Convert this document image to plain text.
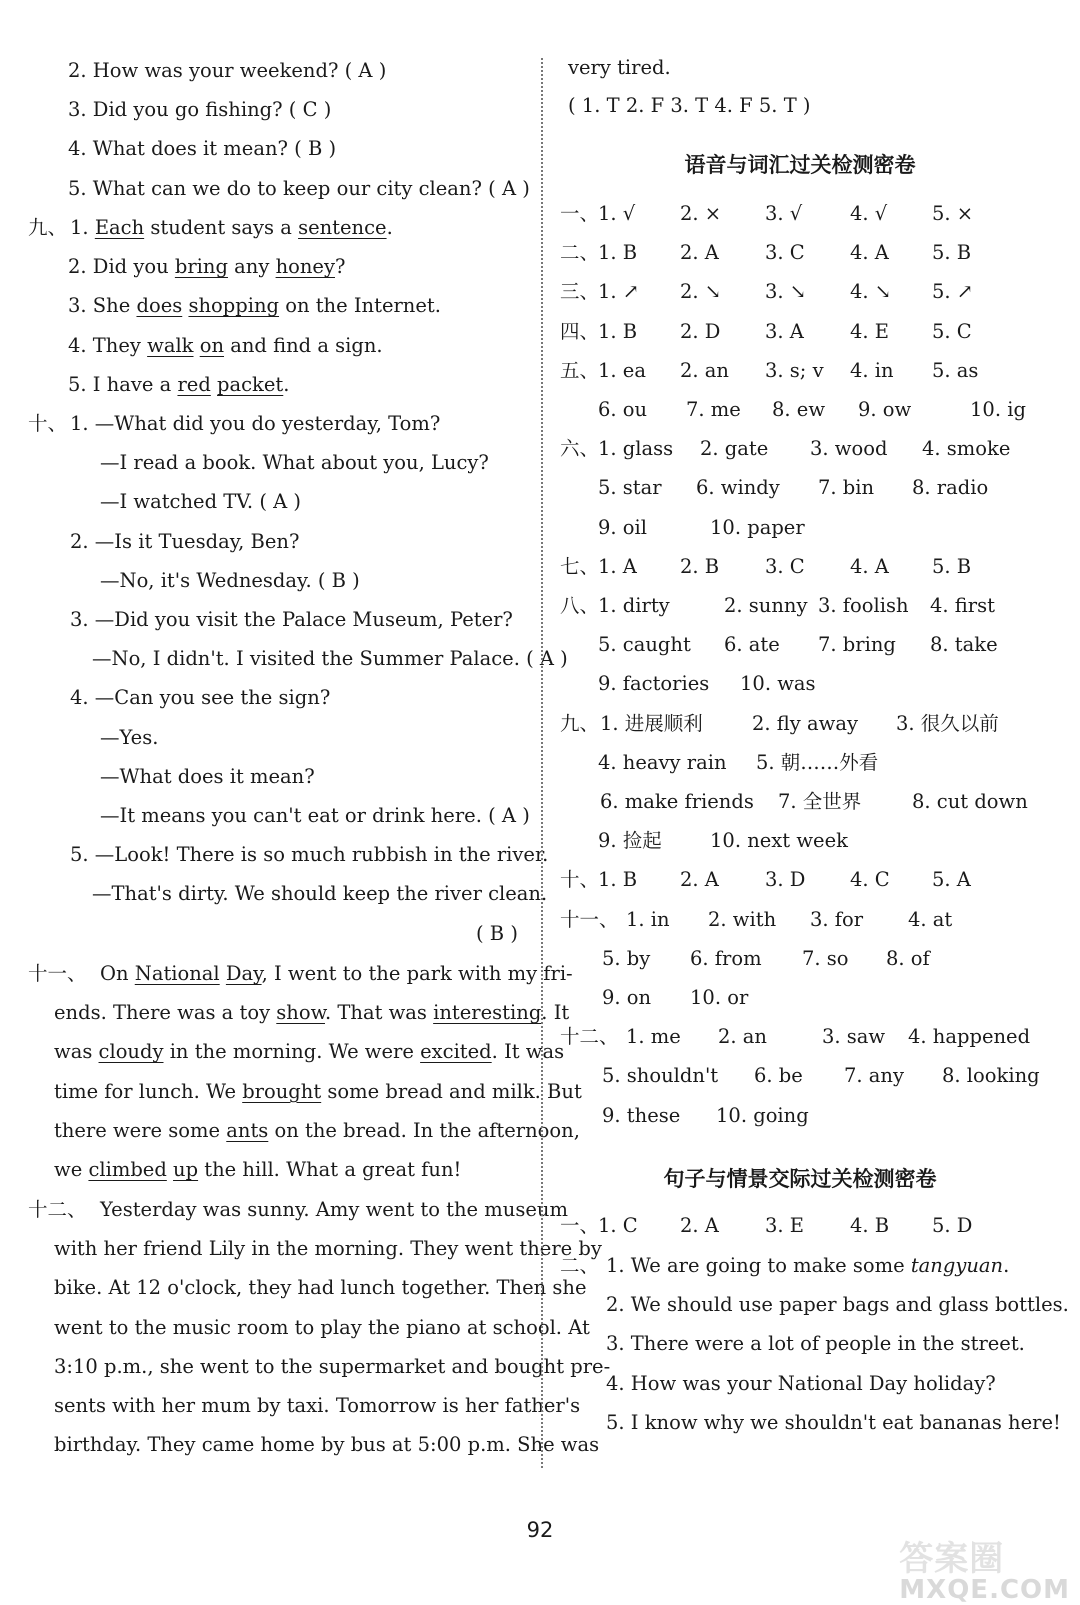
2. How was your weekend? ( A )
3. Did you go fishing? ( C )
4. What does it mean? ( B )
5. What can we do to keep our city clean? ( A )
九、 1. Each student says a sentence.
2. Did you bring any honey?
3. She does shopping on the Internet.
4. They walk on and find a sign.
5. I have a red packet.
十、 1. —What did you do yesterday, Tom?
—I read a book. What about you, Lucy?
—I watched TV. ( A )
2. —Is it Tuesday, Ben?
—No, it's Wednesday. ( B )
3. —Did you visit the Palace Museum, Peter?
—No, I didn't. I visited the Summer Palace. ( A )
4. —Can you see the sign?
—Yes.
—What does it mean?
—It means you can't eat or drink here. ( A )
5. —Look! There is so much rubbish in the river.
—That's dirty. We should keep the river clean.
( B )
十一、 On National Day, I went to the park with my fri-
ends. There was a toy show. That was interesting. It
was cloudy in the morning. We were excited. It was
time for lunch. We brought some bread and milk. But
there were some ants on the bread. In the afternoon,
we climbed up the hill. What a great fun!
十二、 Yesterday was sunny. Amy went to the museum
with her friend Lily in the morning. They went there by
bike. At 12 o'clock, they had lunch together. Then she
went to the music room to play the piano at school. At
3:10 p.m., she went to the supermarket and bought pre-
sents with her mum by taxi. Tomorrow is her father's
birthday. They came home by bus at 5:00 p.m. She was
very tired.
( 1. T 2. F 3. T 4. F 5. T )
语音与词汇过关检测密卷
一、
1. √ 2. × 3. √ 4. √ 5. ×
二、
1. B 2. A 3. C 4. A 5. B
三、
1. ↗ 2. ↘ 3. ↘ 4. ↘ 5. ↗
四、
1. B 2. D 3. A 4. E 5. C
五、
1. ea 2. an 3. s; v 4. in 5. as
6. ou 7. me 8. ew 9. ow	10. ig
六、
1. glass 2. gate 3. wood 4. smoke
5. star 6. windy 7. bin 8. radio
9. oil	10. paper
七、
1. A 2. B 3. C 4. A 5. B
八、
1. dirty	2. sunny 3. foolish 4. first
5. caught 6. ate 7. bring 8. take
9. factories 10. was
九、 1. 进展顺利	2. fly away 3. 很久以前
4. heavy rain 5. 朝……外看
6. make friends 7. 全世界	8. cut down
9. 捡起 10. next week
十、
1. B 2. A 3. D 4. C 5. A
十一、 1. in 2. with 3. for 4. at
5. by 6. from 7. so 8. of
9. on 10. or
十二、 1. me 2. an	3. saw 4. happened
5. shouldn't 6. be 7. any 8. looking
9. these 10. going
句子与情景交际过关检测密卷
一、
1. C 2. A 3. E 4. B 5. D
二、 1. We are going to make some tangyuan.
2. We should use paper bags and glass bottles.
3. There were a lot of people in the street.
4. How was your National Day holiday?
5. I know why we shouldn't eat bananas here!
92
答案圈
MXQE.COM
